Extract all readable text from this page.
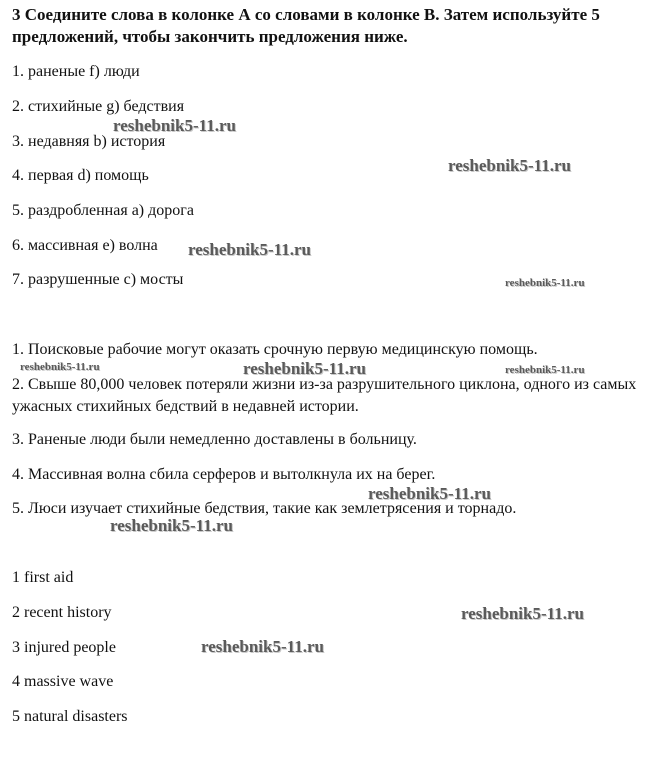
3 Соедините слова в колонке А со словами в колонке В. Затем используйте 5 предложений, чтобы закончить предложения ниже.
1. раненые f) люди
2. стихийные g) бедствия
3. недавняя b) история
4. первая d) помощь
5. раздробленная a) дорога
6. массивная e) волна
7. разрушенные c) мосты
1. Поисковые рабочие могут оказать срочную первую медицинскую помощь.
2. Свыше 80,000 человек потеряли жизни из-за разрушительного циклона, одного из самых ужасных стихийных бедствий в недавней истории.
3. Раненые люди были немедленно доставлены в больницу.
4. Массивная волна сбила серферов и вытолкнула их на берег.
5. Люси изучает стихийные бедствия, такие как землетрясения и торнадо.
1 first aid
2 recent history
3 injured people
4 massive wave
5 natural disasters
reshebnik5-11.ru
reshebnik5-11.ru
reshebnik5-11.ru
reshebnik5-11.ru
reshebnik5-11.ru	reshebnik5-11.ru	reshebnik5-11.ru
reshebnik5-11.ru
reshebnik5-11.ru
reshebnik5-11.ru
reshebnik5-11.ru
